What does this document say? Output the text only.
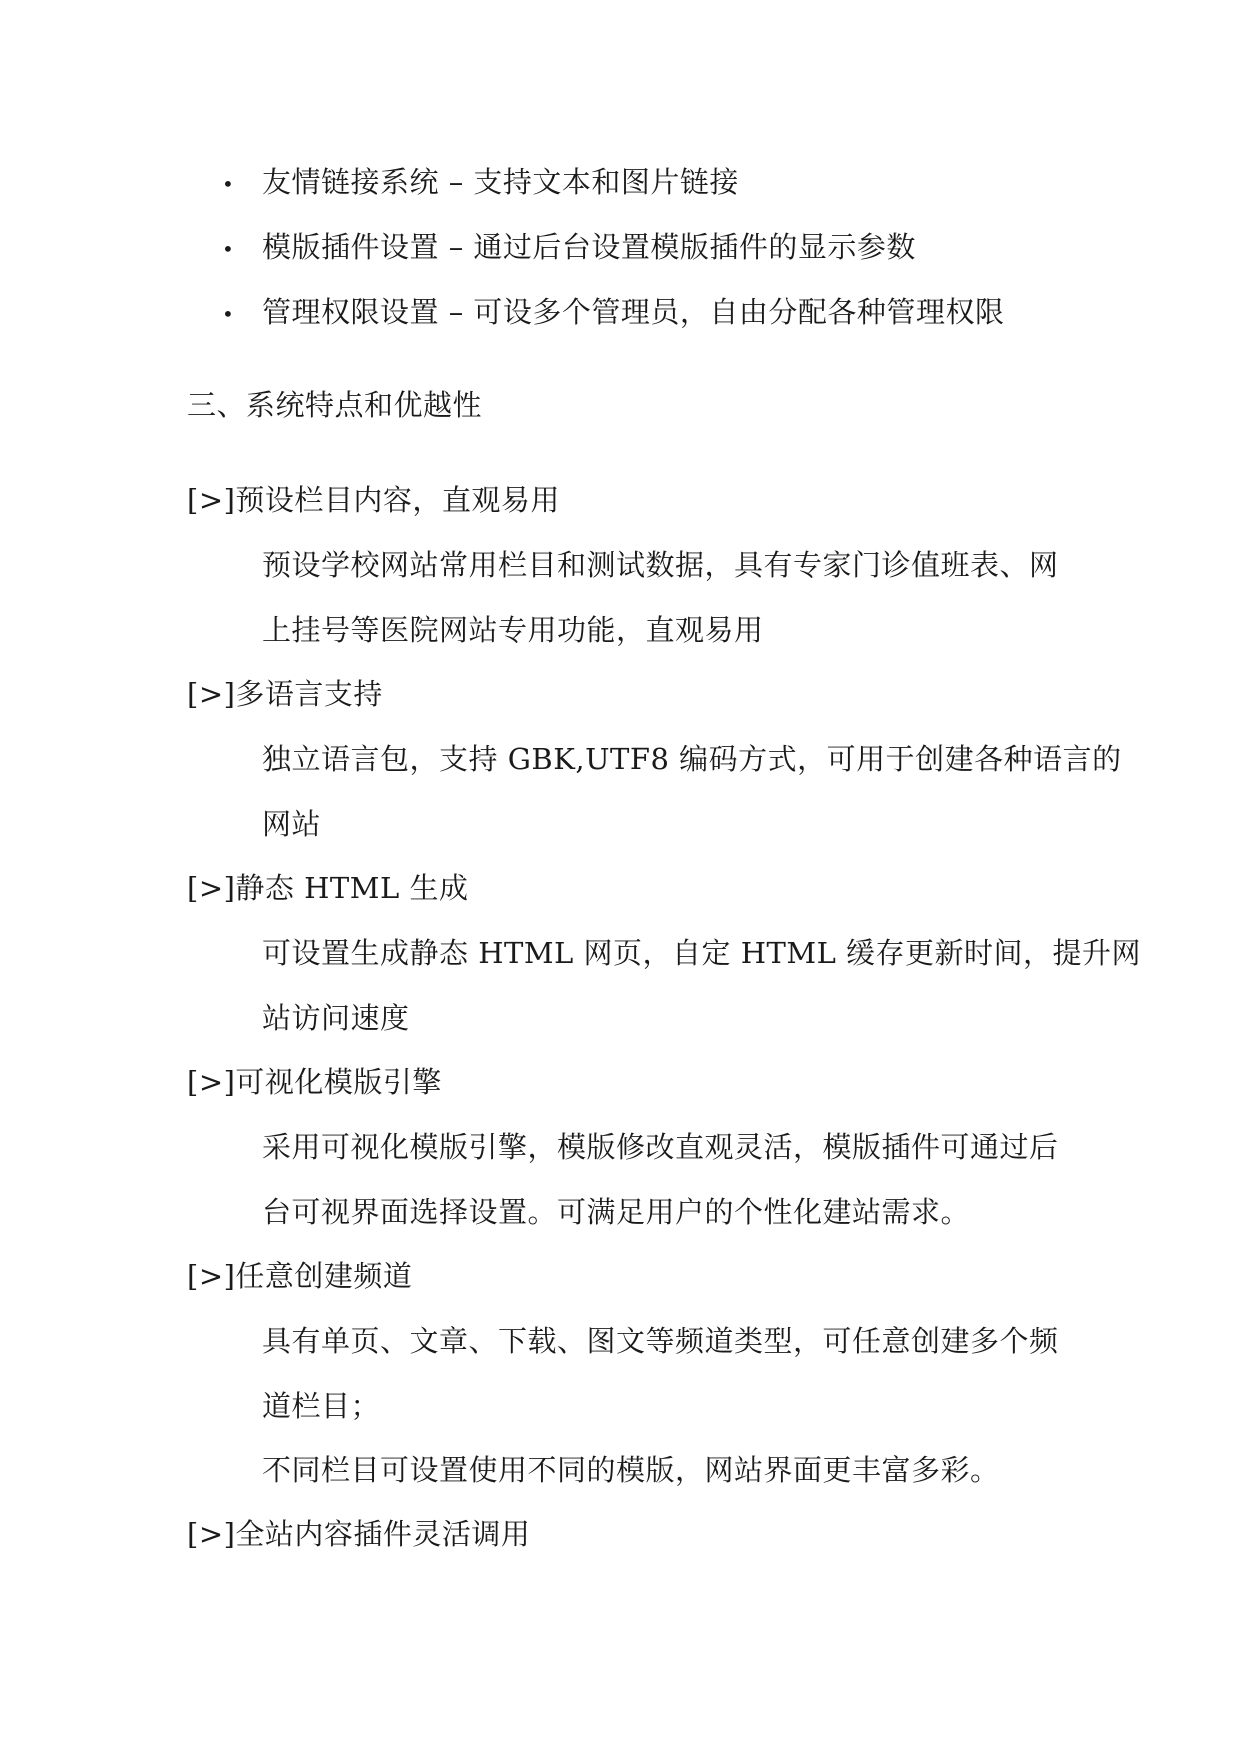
• 友情链接系统 – 支持文本和图片链接
• 模版插件设置 – 通过后台设置模版插件的显示参数
• 管理权限设置 – 可设多个管理员，自由分配各种管理权限
三、系统特点和优越性
[>]预设栏目内容，直观易用
预设学校网站常用栏目和测试数据，具有专家门诊值班表、网
上挂号等医院网站专用功能，直观易用
[>]多语言支持
独立语言包，支持 GBK,UTF8 编码方式，可用于创建各种语言的
网站
[>]静态 HTML 生成
可设置生成静态 HTML 网页，自定 HTML 缓存更新时间，提升网
站访问速度
[>]可视化模版引擎
采用可视化模版引擎，模版修改直观灵活，模版插件可通过后
台可视界面选择设置。可满足用户的个性化建站需求。
[>]任意创建频道
具有单页、文章、下载、图文等频道类型，可任意创建多个频
道栏目；
不同栏目可设置使用不同的模版，网站界面更丰富多彩。
[>]全站内容插件灵活调用
